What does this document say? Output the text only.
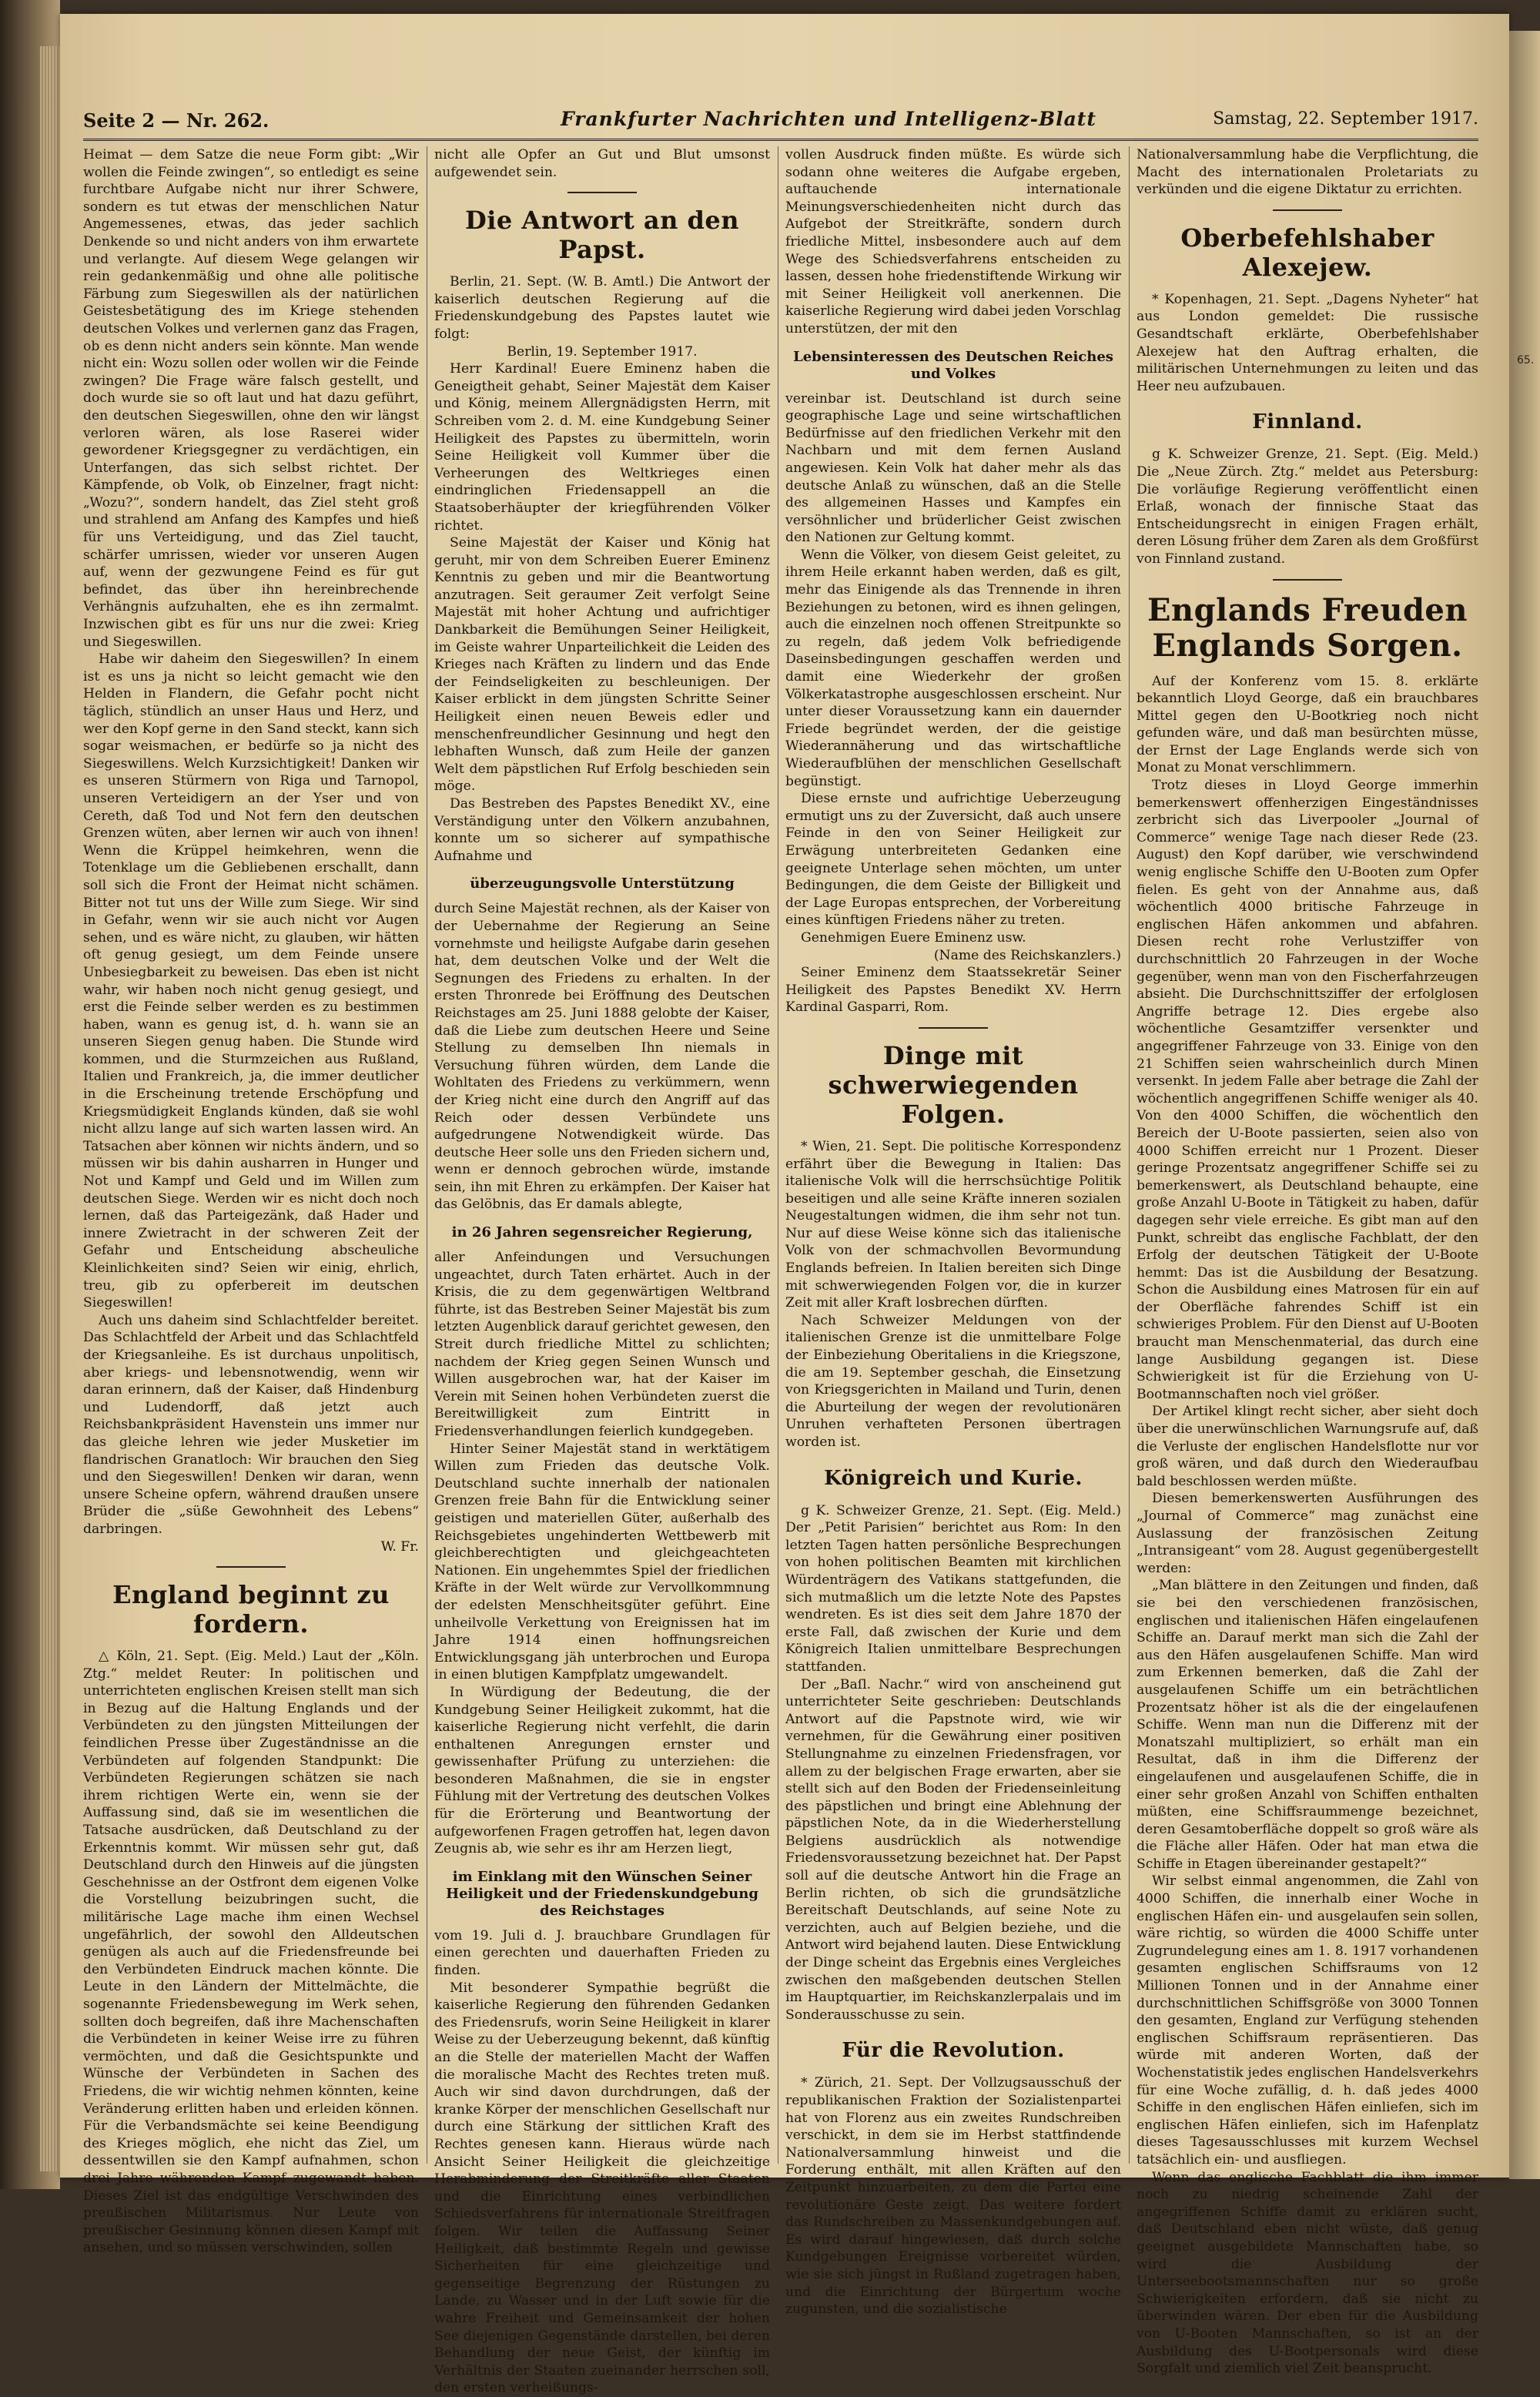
Seite 2 — Nr. 262.	Frankfurter Nachrichten und Intelligenz-Blatt	Samstag, 22. September 1917.

Heimat — dem Satze die neue Form gibt: „Wir wollen die Feinde zwingen“, so entledigt es seine furchtbare Aufgabe nicht nur ihrer Schwere, sondern es tut etwas der menschlichen Natur Angemessenes, etwas, das jeder sachlich Denkende so und nicht anders von ihm erwartete und verlangte. Auf diesem Wege gelangen wir rein gedankenmäßig und ohne alle politische Färbung zum Siegeswillen als der natürlichen Geistesbetätigung des im Kriege stehenden deutschen Volkes und verlernen ganz das Fragen, ob es denn nicht anders sein könnte. Man wende nicht ein: Wozu sollen oder wollen wir die Feinde zwingen? Die Frage wäre falsch gestellt, und doch wurde sie so oft laut und hat dazu geführt, den deutschen Siegeswillen, ohne den wir längst verloren wären, als lose Raserei wider gewordener Kriegsgegner zu verdächtigen, ein Unterfangen, das sich selbst richtet. Der Kämpfende, ob Volk, ob Einzelner, fragt nicht: „Wozu?“, sondern handelt, das Ziel steht groß und strahlend am Anfang des Kampfes und hieß für uns Verteidigung, und das Ziel taucht, schärfer umrissen, wieder vor unseren Augen auf, wenn der gezwungene Feind es für gut befindet, das über ihn hereinbrechende Verhängnis aufzuhalten, ehe es ihn zermalmt. Inzwischen gibt es für uns nur die zwei: Krieg und Siegeswillen.

Habe wir daheim den Siegeswillen? In einem ist es uns ja nicht so leicht gemacht wie den Helden in Flandern, die Gefahr pocht nicht täglich, stündlich an unser Haus und Herz, und wer den Kopf gerne in den Sand steckt, kann sich sogar weismachen, er bedürfe so ja nicht des Siegeswillens. Welch Kurzsichtigkeit! Danken wir es unseren Stürmern von Riga und Tarnopol, unseren Verteidigern an der Yser und von Cereth, daß Tod und Not fern den deutschen Grenzen wüten, aber lernen wir auch von ihnen! Wenn die Krüppel heimkehren, wenn die Totenklage um die Gebliebenen erschallt, dann soll sich die Front der Heimat nicht schämen. Bitter not tut uns der Wille zum Siege. Wir sind in Gefahr, wenn wir sie auch nicht vor Augen sehen, und es wäre nicht, zu glauben, wir hätten oft genug gesiegt, um dem Feinde unsere Unbesiegbarkeit zu beweisen. Das eben ist nicht wahr, wir haben noch nicht genug gesiegt, und erst die Feinde selber werden es zu bestimmen haben, wann es genug ist, d. h. wann sie an unseren Siegen genug haben. Die Stunde wird kommen, und die Sturmzeichen aus Rußland, Italien und Frankreich, ja, die immer deutlicher in die Erscheinung tretende Erschöpfung und Kriegsmüdigkeit Englands künden, daß sie wohl nicht allzu lange auf sich warten lassen wird. An Tatsachen aber können wir nichts ändern, und so müssen wir bis dahin ausharren in Hunger und Not und Kampf und Geld und im Willen zum deutschen Siege. Werden wir es nicht doch noch lernen, daß das Parteigezänk, daß Hader und innere Zwietracht in der schweren Zeit der Gefahr und Entscheidung abscheuliche Kleinlichkeiten sind? Seien wir einig, ehrlich, treu, gib zu opferbereit im deutschen Siegeswillen!

Auch uns daheim sind Schlachtfelder bereitet. Das Schlachtfeld der Arbeit und das Schlachtfeld der Kriegsanleihe. Es ist durchaus unpolitisch, aber kriegs- und lebensnotwendig, wenn wir daran erinnern, daß der Kaiser, daß Hindenburg und Ludendorff, daß jetzt auch Reichsbankpräsident Havenstein uns immer nur das gleiche lehren wie jeder Musketier im flandrischen Granatloch: Wir brauchen den Sieg und den Siegeswillen! Denken wir daran, wenn unsere Scheine opfern, während draußen unsere Brüder die „süße Gewohnheit des Lebens“ darbringen.

W. Fr.

England beginnt zu fordern.

△ Köln, 21. Sept. (Eig. Meld.) Laut der „Köln. Ztg.“ meldet Reuter: In politischen und unterrichteten englischen Kreisen stellt man sich in Bezug auf die Haltung Englands und der Verbündeten zu den jüngsten Mitteilungen der feindlichen Presse über Zugeständnisse an die Verbündeten auf folgenden Standpunkt: Die Verbündeten Regierungen schätzen sie nach ihrem richtigen Werte ein, wenn sie der Auffassung sind, daß sie im wesentlichen die Tatsache ausdrücken, daß Deutschland zu der Erkenntnis kommt. Wir müssen sehr gut, daß Deutschland durch den Hinweis auf die jüngsten Geschehnisse an der Ostfront dem eigenen Volke die Vorstellung beizubringen sucht, die militärische Lage mache ihm einen Wechsel ungefährlich, der sowohl den Alldeutschen genügen als auch auf die Friedensfreunde bei den Verbündeten Eindruck machen könnte. Die Leute in den Ländern der Mittelmächte, die sogenannte Friedensbewegung im Werk sehen, sollten doch begreifen, daß ihre Machenschaften die Verbündeten in keiner Weise irre zu führen vermöchten, und daß die Gesichtspunkte und Wünsche der Verbündeten in Sachen des Friedens, die wir wichtig nehmen könnten, keine Veränderung erlitten haben und erleiden können. Für die Verbandsmächte sei keine Beendigung des Krieges möglich, ehe nicht das Ziel, um dessentwillen sie den Kampf aufnahmen, schon drei Jahre währenden Kampf zugewandt haben. Dieses Ziel ist das endgültige Verschwinden des preußischen Militarismus. Nur Leute von preußischer Gesinnung können diesen Kampf mit ansehen, und so müssen verschwinden, sollen

nicht alle Opfer an Gut und Blut umsonst aufgewendet sein.

Die Antwort an den Papst.

Berlin, 21. Sept. (W. B. Amtl.) Die Antwort der kaiserlich deutschen Regierung auf die Friedenskundgebung des Papstes lautet wie folgt:

Berlin, 19. September 1917.

Herr Kardinal! Euere Eminenz haben die Geneigtheit gehabt, Seiner Majestät dem Kaiser und König, meinem Allergnädigsten Herrn, mit Schreiben vom 2. d. M. eine Kundgebung Seiner Heiligkeit des Papstes zu übermitteln, worin Seine Heiligkeit voll Kummer über die Verheerungen des Weltkrieges einen eindringlichen Friedensappell an die Staatsoberhäupter der kriegführenden Völker richtet.

Seine Majestät der Kaiser und König hat geruht, mir von dem Schreiben Euerer Eminenz Kenntnis zu geben und mir die Beantwortung anzutragen. Seit geraumer Zeit verfolgt Seine Majestät mit hoher Achtung und aufrichtiger Dankbarkeit die Bemühungen Seiner Heiligkeit, im Geiste wahrer Unparteilichkeit die Leiden des Krieges nach Kräften zu lindern und das Ende der Feindseligkeiten zu beschleunigen. Der Kaiser erblickt in dem jüngsten Schritte Seiner Heiligkeit einen neuen Beweis edler und menschenfreundlicher Gesinnung und hegt den lebhaften Wunsch, daß zum Heile der ganzen Welt dem päpstlichen Ruf Erfolg beschieden sein möge.

Das Bestreben des Papstes Benedikt XV., eine Verständigung unter den Völkern anzubahnen, konnte um so sicherer auf sympathische Aufnahme und

überzeugungsvolle Unterstützung

durch Seine Majestät rechnen, als der Kaiser von der Uebernahme der Regierung an Seine vornehmste und heiligste Aufgabe darin gesehen hat, dem deutschen Volke und der Welt die Segnungen des Friedens zu erhalten. In der ersten Thronrede bei Eröffnung des Deutschen Reichstages am 25. Juni 1888 gelobte der Kaiser, daß die Liebe zum deutschen Heere und Seine Stellung zu demselben Ihn niemals in Versuchung führen würden, dem Lande die Wohltaten des Friedens zu verkümmern, wenn der Krieg nicht eine durch den Angriff auf das Reich oder dessen Verbündete uns aufgedrungene Notwendigkeit würde. Das deutsche Heer solle uns den Frieden sichern und, wenn er dennoch gebrochen würde, imstande sein, ihn mit Ehren zu erkämpfen. Der Kaiser hat das Gelöbnis, das Er damals ablegte,

in 26 Jahren segensreicher Regierung,

aller Anfeindungen und Versuchungen ungeachtet, durch Taten erhärtet. Auch in der Krisis, die zu dem gegenwärtigen Weltbrand führte, ist das Bestreben Seiner Majestät bis zum letzten Augenblick darauf gerichtet gewesen, den Streit durch friedliche Mittel zu schlichten; nachdem der Krieg gegen Seinen Wunsch und Willen ausgebrochen war, hat der Kaiser im Verein mit Seinen hohen Verbündeten zuerst die Bereitwilligkeit zum Eintritt in Friedensverhandlungen feierlich kundgegeben.

Hinter Seiner Majestät stand in werktätigem Willen zum Frieden das deutsche Volk. Deutschland suchte innerhalb der nationalen Grenzen freie Bahn für die Entwicklung seiner geistigen und materiellen Güter, außerhalb des Reichsgebietes ungehinderten Wettbewerb mit gleichberechtigten und gleichgeachteten Nationen. Ein ungehemmtes Spiel der friedlichen Kräfte in der Welt würde zur Vervollkommnung der edelsten Menschheitsgüter geführt. Eine unheilvolle Verkettung von Ereignissen hat im Jahre 1914 einen hoffnungsreichen Entwicklungsgang jäh unterbrochen und Europa in einen blutigen Kampfplatz umgewandelt.

In Würdigung der Bedeutung, die der Kundgebung Seiner Heiligkeit zukommt, hat die kaiserliche Regierung nicht verfehlt, die darin enthaltenen Anregungen ernster und gewissenhafter Prüfung zu unterziehen: die besonderen Maßnahmen, die sie in engster Fühlung mit der Vertretung des deutschen Volkes für die Erörterung und Beantwortung der aufgeworfenen Fragen getroffen hat, legen davon Zeugnis ab, wie sehr es ihr am Herzen liegt,

im Einklang mit den Wünschen Seiner Heiligkeit und der Friedenskundgebung des Reichstages

vom 19. Juli d. J. brauchbare Grundlagen für einen gerechten und dauerhaften Frieden zu finden.

Mit besonderer Sympathie begrüßt die kaiserliche Regierung den führenden Gedanken des Friedensrufs, worin Seine Heiligkeit in klarer Weise zu der Ueberzeugung bekennt, daß künftig an die Stelle der materiellen Macht der Waffen die moralische Macht des Rechtes treten muß. Auch wir sind davon durchdrungen, daß der kranke Körper der menschlichen Gesellschaft nur durch eine Stärkung der sittlichen Kraft des Rechtes genesen kann. Hieraus würde nach Ansicht Seiner Heiligkeit die gleichzeitige Herabminderung der Streitkräfte aller Staaten und die Einrichtung eines verbindlichen Schiedsverfahrens für internationale Streitfragen folgen. Wir teilen die Auffassung Seiner Heiligkeit, daß bestimmte Regeln und gewisse Sicherheiten für eine gleichzeitige und gegenseitige Begrenzung der Rüstungen zu Lande, zu Wasser und in der Luft sowie für die wahre Freiheit und Gemeinsamkeit der hohen See diejenigen Gegenstände darstellen, bei deren Behandlung der neue Geist, der künftig im Verhältnis der Staaten zueinander herrschen soll, den ersten verheißungs-

vollen Ausdruck finden müßte. Es würde sich sodann ohne weiteres die Aufgabe ergeben, auftauchende internationale Meinungsverschiedenheiten nicht durch das Aufgebot der Streitkräfte, sondern durch friedliche Mittel, insbesondere auch auf dem Wege des Schiedsverfahrens entscheiden zu lassen, dessen hohe friedenstiftende Wirkung wir mit Seiner Heiligkeit voll anerkennen. Die kaiserliche Regierung wird dabei jeden Vorschlag unterstützen, der mit den

Lebensinteressen des Deutschen Reiches und Volkes

vereinbar ist. Deutschland ist durch seine geographische Lage und seine wirtschaftlichen Bedürfnisse auf den friedlichen Verkehr mit den Nachbarn und mit dem fernen Ausland angewiesen. Kein Volk hat daher mehr als das deutsche Anlaß zu wünschen, daß an die Stelle des allgemeinen Hasses und Kampfes ein versöhnlicher und brüderlicher Geist zwischen den Nationen zur Geltung kommt.

Wenn die Völker, von diesem Geist geleitet, zu ihrem Heile erkannt haben werden, daß es gilt, mehr das Einigende als das Trennende in ihren Beziehungen zu betonen, wird es ihnen gelingen, auch die einzelnen noch offenen Streitpunkte so zu regeln, daß jedem Volk befriedigende Daseinsbedingungen geschaffen werden und damit eine Wiederkehr der großen Völkerkatastrophe ausgeschlossen erscheint. Nur unter dieser Voraussetzung kann ein dauernder Friede begründet werden, der die geistige Wiederannäherung und das wirtschaftliche Wiederaufblühen der menschlichen Gesellschaft begünstigt.

Diese ernste und aufrichtige Ueberzeugung ermutigt uns zu der Zuversicht, daß auch unsere Feinde in den von Seiner Heiligkeit zur Erwägung unterbreiteten Gedanken eine geeignete Unterlage sehen möchten, um unter Bedingungen, die dem Geiste der Billigkeit und der Lage Europas entsprechen, der Vorbereitung eines künftigen Friedens näher zu treten.

Genehmigen Euere Eminenz usw.

(Name des Reichskanzlers.)

Seiner Eminenz dem Staatssekretär Seiner Heiligkeit des Papstes Benedikt XV. Herrn Kardinal Gasparri, Rom.

Dinge mit schwerwiegenden Folgen.

* Wien, 21. Sept. Die politische Korrespondenz erfährt über die Bewegung in Italien: Das italienische Volk will die herrschsüchtige Politik beseitigen und alle seine Kräfte inneren sozialen Neugestaltungen widmen, die ihm sehr not tun. Nur auf diese Weise könne sich das italienische Volk von der schmachvollen Bevormundung Englands befreien. In Italien bereiten sich Dinge mit schwerwiegenden Folgen vor, die in kurzer Zeit mit aller Kraft losbrechen dürften.

Nach Schweizer Meldungen von der italienischen Grenze ist die unmittelbare Folge der Einbeziehung Oberitaliens in die Kriegszone, die am 19. September geschah, die Einsetzung von Kriegsgerichten in Mailand und Turin, denen die Aburteilung der wegen der revolutionären Unruhen verhafteten Personen übertragen worden ist.

Königreich und Kurie.

g K. Schweizer Grenze, 21. Sept. (Eig. Meld.) Der „Petit Parisien“ berichtet aus Rom: In den letzten Tagen hatten persönliche Besprechungen von hohen politischen Beamten mit kirchlichen Würdenträgern des Vatikans stattgefunden, die sich mutmaßlich um die letzte Note des Papstes wendreten. Es ist dies seit dem Jahre 1870 der erste Fall, daß zwischen der Kurie und dem Königreich Italien unmittelbare Besprechungen stattfanden.

Der „Baſl. Nachr.“ wird von anscheinend gut unterrichteter Seite geschrieben: Deutschlands Antwort auf die Papstnote wird, wie wir vernehmen, für die Gewährung einer positiven Stellungnahme zu einzelnen Friedensfragen, vor allem zu der belgischen Frage erwarten, aber sie stellt sich auf den Boden der Friedenseinleitung des päpstlichen und bringt eine Ablehnung der päpstlichen Note, da in die Wiederherstellung Belgiens ausdrücklich als notwendige Friedensvoraussetzung bezeichnet hat. Der Papst soll auf die deutsche Antwort hin die Frage an Berlin richten, ob sich die grundsätzliche Bereitschaft Deutschlands, auf seine Note zu verzichten, auch auf Belgien beziehe, und die Antwort wird bejahend lauten. Diese Entwicklung der Dinge scheint das Ergebnis eines Vergleiches zwischen den maßgebenden deutschen Stellen im Hauptquartier, im Reichskanzlerpalais und im Sonderausschusse zu sein.

Für die Revolution.

* Zürich, 21. Sept. Der Vollzugsausschuß der republikanischen Fraktion der Sozialistenpartei hat von Florenz aus ein zweites Rundschreiben verschickt, in dem sie im Herbst stattfindende Nationalversammlung hinweist und die Forderung enthält, mit allen Kräften auf den Zeitpunkt hinzuarbeiten, zu dem die Partei eine revolutionäre Geste zeigt. Das weitere fordert das Rundschreiben zu Massenkundgebungen auf. Es wird darauf hingewiesen, daß durch solche Kundgebungen Ereignisse vorbereitet würden, wie sie sich jüngst in Rußland zugetragen haben, und die Einrichtung der Bürgertum woche zugunsten, und die sozialistische

Nationalversammlung habe die Verpflichtung, die Macht des internationalen Proletariats zu verkünden und die eigene Diktatur zu errichten.

Oberbefehlshaber Alexejew.

* Kopenhagen, 21. Sept. „Dagens Nyheter“ hat aus London gemeldet: Die russische Gesandtschaft erklärte, Oberbefehlshaber Alexejew hat den Auftrag erhalten, die militärischen Unternehmungen zu leiten und das Heer neu aufzubauen.

Finnland.

g K. Schweizer Grenze, 21. Sept. (Eig. Meld.) Die „Neue Zürch. Ztg.“ meldet aus Petersburg: Die vorläufige Regierung veröffentlicht einen Erlaß, wonach der finnische Staat das Entscheidungsrecht in einigen Fragen erhält, deren Lösung früher dem Zaren als dem Großfürst von Finnland zustand.

Englands Freuden Englands Sorgen.

Auf der Konferenz vom 15. 8. erklärte bekanntlich Lloyd George, daß ein brauchbares Mittel gegen den U-Bootkrieg noch nicht gefunden wäre, und daß man besürchten müsse, der Ernst der Lage Englands werde sich von Monat zu Monat verschlimmern.

Trotz dieses in Lloyd George immerhin bemerkenswert offenherzigen Eingeständnisses zerbricht sich das Liverpooler „Journal of Commerce“ wenige Tage nach dieser Rede (23. August) den Kopf darüber, wie verschwindend wenig englische Schiffe den U-Booten zum Opfer fielen. Es geht von der Annahme aus, daß wöchentlich 4000 britische Fahrzeuge in englischen Häfen ankommen und abfahren. Diesen recht rohe Verlustziffer von durchschnittlich 20 Fahrzeugen in der Woche gegenüber, wenn man von den Fischerfahrzeugen absieht. Die Durchschnittsziffer der erfolglosen Angriffe betrage 12. Dies ergebe also wöchentliche Gesamtziffer versenkter und angegriffener Fahrzeuge von 33. Einige von den 21 Schiffen seien wahrscheinlich durch Minen versenkt. In jedem Falle aber betrage die Zahl der wöchentlich angegriffenen Schiffe weniger als 40. Von den 4000 Schiffen, die wöchentlich den Bereich der U-Boote passierten, seien also von 4000 Schiffen erreicht nur 1 Prozent. Dieser geringe Prozentsatz angegriffener Schiffe sei zu bemerkenswert, als Deutschland behaupte, eine große Anzahl U-Boote in Tätigkeit zu haben, dafür dagegen sehr viele erreiche. Es gibt man auf den Punkt, schreibt das englische Fachblatt, der den Erfolg der deutschen Tätigkeit der U-Boote hemmt: Das ist die Ausbildung der Besatzung. Schon die Ausbildung eines Matrosen für ein auf der Oberfläche fahrendes Schiff ist ein schwieriges Problem. Für den Dienst auf U-Booten braucht man Menschenmaterial, das durch eine lange Ausbildung gegangen ist. Diese Schwierigkeit ist für die Erziehung von U-Bootmannschaften noch viel größer.

Der Artikel klingt recht sicher, aber sieht doch über die unerwünschlichen Warnungsrufe auf, daß die Verluste der englischen Handelsflotte nur vor groß wären, und daß durch den Wiederaufbau bald beschlossen werden müßte.

Diesen bemerkenswerten Ausführungen des „Journal of Commerce“ mag zunächst eine Auslassung der französischen Zeitung „Intransigeant“ vom 28. August gegenübergestellt werden:

„Man blättere in den Zeitungen und finden, daß sie bei den verschiedenen französischen, englischen und italienischen Häfen eingelaufenen Schiffe an. Darauf merkt man sich die Zahl der aus den Häfen ausgelaufenen Schiffe. Man wird zum Erkennen bemerken, daß die Zahl der ausgelaufenen Schiffe um ein beträchtlichen Prozentsatz höher ist als die der eingelaufenen Schiffe. Wenn man nun die Differenz mit der Monatszahl multipliziert, so erhält man ein Resultat, daß in ihm die Differenz der eingelaufenen und ausgelaufenen Schiffe, die in einer sehr großen Anzahl von Schiffen enthalten müßten, eine Schiffsraummenge bezeichnet, deren Gesamtoberfläche doppelt so groß wäre als die Fläche aller Häfen. Oder hat man etwa die Schiffe in Etagen übereinander gestapelt?“

Wir selbst einmal angenommen, die Zahl von 4000 Schiffen, die innerhalb einer Woche in englischen Häfen ein- und ausgelaufen sein sollen, wäre richtig, so würden die 4000 Schiffe unter Zugrundelegung eines am 1. 8. 1917 vorhandenen gesamten englischen Schiffsraums von 12 Millionen Tonnen und in der Annahme einer durchschnittlichen Schiffsgröße von 3000 Tonnen den gesamten, England zur Verfügung stehenden englischen Schiffsraum repräsentieren. Das würde mit anderen Worten, daß der Wochenstatistik jedes englischen Handelsverkehrs für eine Woche zufällig, d. h. daß jedes 4000 Schiffe in den englischen Häfen einliefen, sich im englischen Häfen einliefen, sich im Hafenplatz dieses Tagesausschlusses mit kurzem Wechsel tatsächlich ein- und ausfliegen.

Wenn das englische Fachblatt die ihm immer noch zu niedrig scheinende Zahl der angegriffenen Schiffe damit zu erklären sucht, daß Deutschland eben nicht wüste, daß genug geeignet ausgebildete Mannschaften habe, so wird die Ausbildung der Unterseebootsmannschaften nur so große Schwierigkeiten erfordern, daß sie nicht zu überwinden wären. Der eben für die Ausbildung von U-Booten Mannschaften, so ist an der Ausbildung des U-Bootpersonals wird diese Sorgfalt und ziemlich viel Zeit beansprucht.

65.
